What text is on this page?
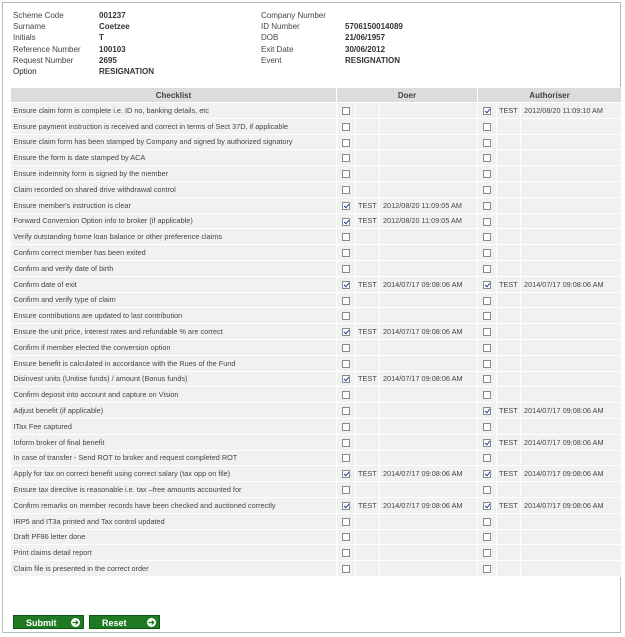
Scheme Code	001237	Company Number
Surname	Coetzee	ID Number	5706150014089
Initials	T	DOB	21/06/1957
Reference Number 100103	Exit Date	30/06/2012
Request Number	2695	Event	RESIGNATION
Option	RESIGNATION
Checklist	Doer			Authoriser		
Ensure claim form is complete i.e. ID no, banking details, etc					TEST	2012/08/20 11:09:10 AM
Ensure payment instruction is received and correct in terms of Sect 37D, if applicable						
Ensure claim form has been stamped by Company and signed by authorized signatory						
Ensure the form is date stamped by ACA						
Ensure indemnity form is signed by the member						
Claim recorded on shared drive withdrawal control						
Ensure member's instruction is clear		TEST	2012/08/20 11:09:05 AM			
Forward Conversion Option info to broker (if applicable)		TEST	2012/08/20 11:09:05 AM			
Verify outstanding home loan balance or other preference claims						
Confirm correct member has been exited						
Confirm and verify date of birth						
Confirm date of exit		TEST	2014/07/17 09:08:06 AM		TEST	2014/07/17 09:08:06 AM
Confirm and verify type of claim						
Ensure contributions are updated to last contribution						
Ensure the unit price, interest rates and refundable % are correct		TEST	2014/07/17 09:08:06 AM			
Confirm if member elected the conversion option						
Ensure benefit is calculated in accordance with the Rues of the Fund						
Disinvest units (Unitise funds) / amount (Bonus funds)		TEST	2014/07/17 09:08:06 AM			
Confirm deposit into account and capture on Vision						
Adjust benefit (if applicable)					TEST	2014/07/17 09:08:06 AM
ITax Fee captured						
Inform broker of final benefit					TEST	2014/07/17 09:08:06 AM
In case of transfer - Send ROT to broker and request completed ROT						
Apply for tax on correct benefit using correct salary (tax opp on file)		TEST	2014/07/17 09:08:06 AM		TEST	2014/07/17 09:08:06 AM
Ensure tax directive is reasonable i.e. tax –free amounts accounted for						
Confirm remarks on member records have been checked and auctioned correctly		TEST	2014/07/17 09:08:06 AM		TEST	2014/07/17 09:08:06 AM
IRP5 and IT3a printed and Tax control updated						
Draft PF86 letter done						
Print claims detail report						
Claim file is presented in the correct order						
Submit ➜	Reset	➜
